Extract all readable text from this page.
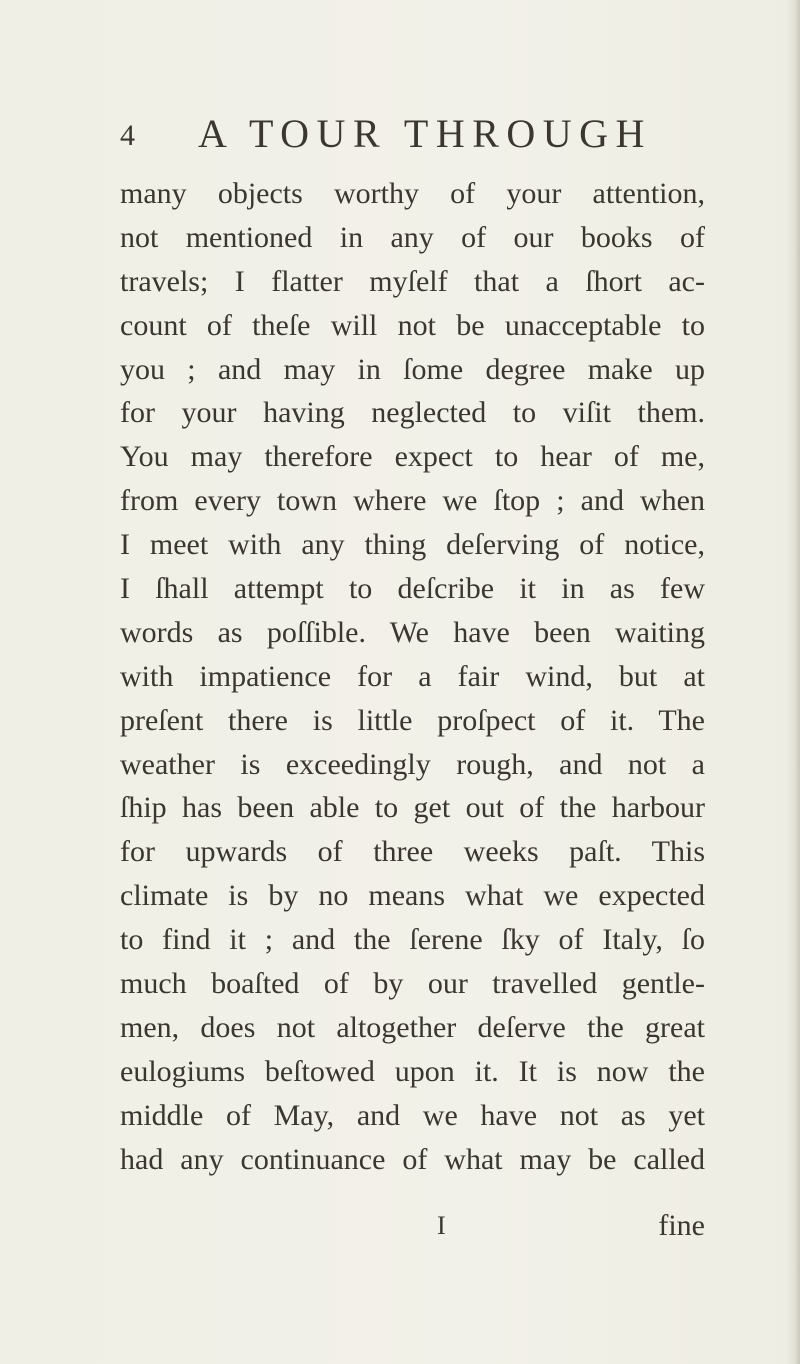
4 A TOUR THROUGH
many objects worthy of your attention,
not mentioned in any of our books of
travels; I flatter myſelf that a ſhort ac-
count of theſe will not be unacceptable to
you ; and may in ſome degree make up
for your having neglected to viſit them.
You may therefore expect to hear of me,
from every town where we ſtop ; and when
I meet with any thing deſerving of notice,
I ſhall attempt to deſcribe it in as few
words as poſſible. We have been waiting
with impatience for a fair wind, but at
preſent there is little proſpect of it. The
weather is exceedingly rough, and not a
ſhip has been able to get out of the harbour
for upwards of three weeks paſt. This
climate is by no means what we expected
to find it ; and the ſerene ſky of Italy, ſo
much boaſted of by our travelled gentle-
men, does not altogether deſerve the great
eulogiums beſtowed upon it. It is now the
middle of May, and we have not as yet
had any continuance of what may be called
I	fine
